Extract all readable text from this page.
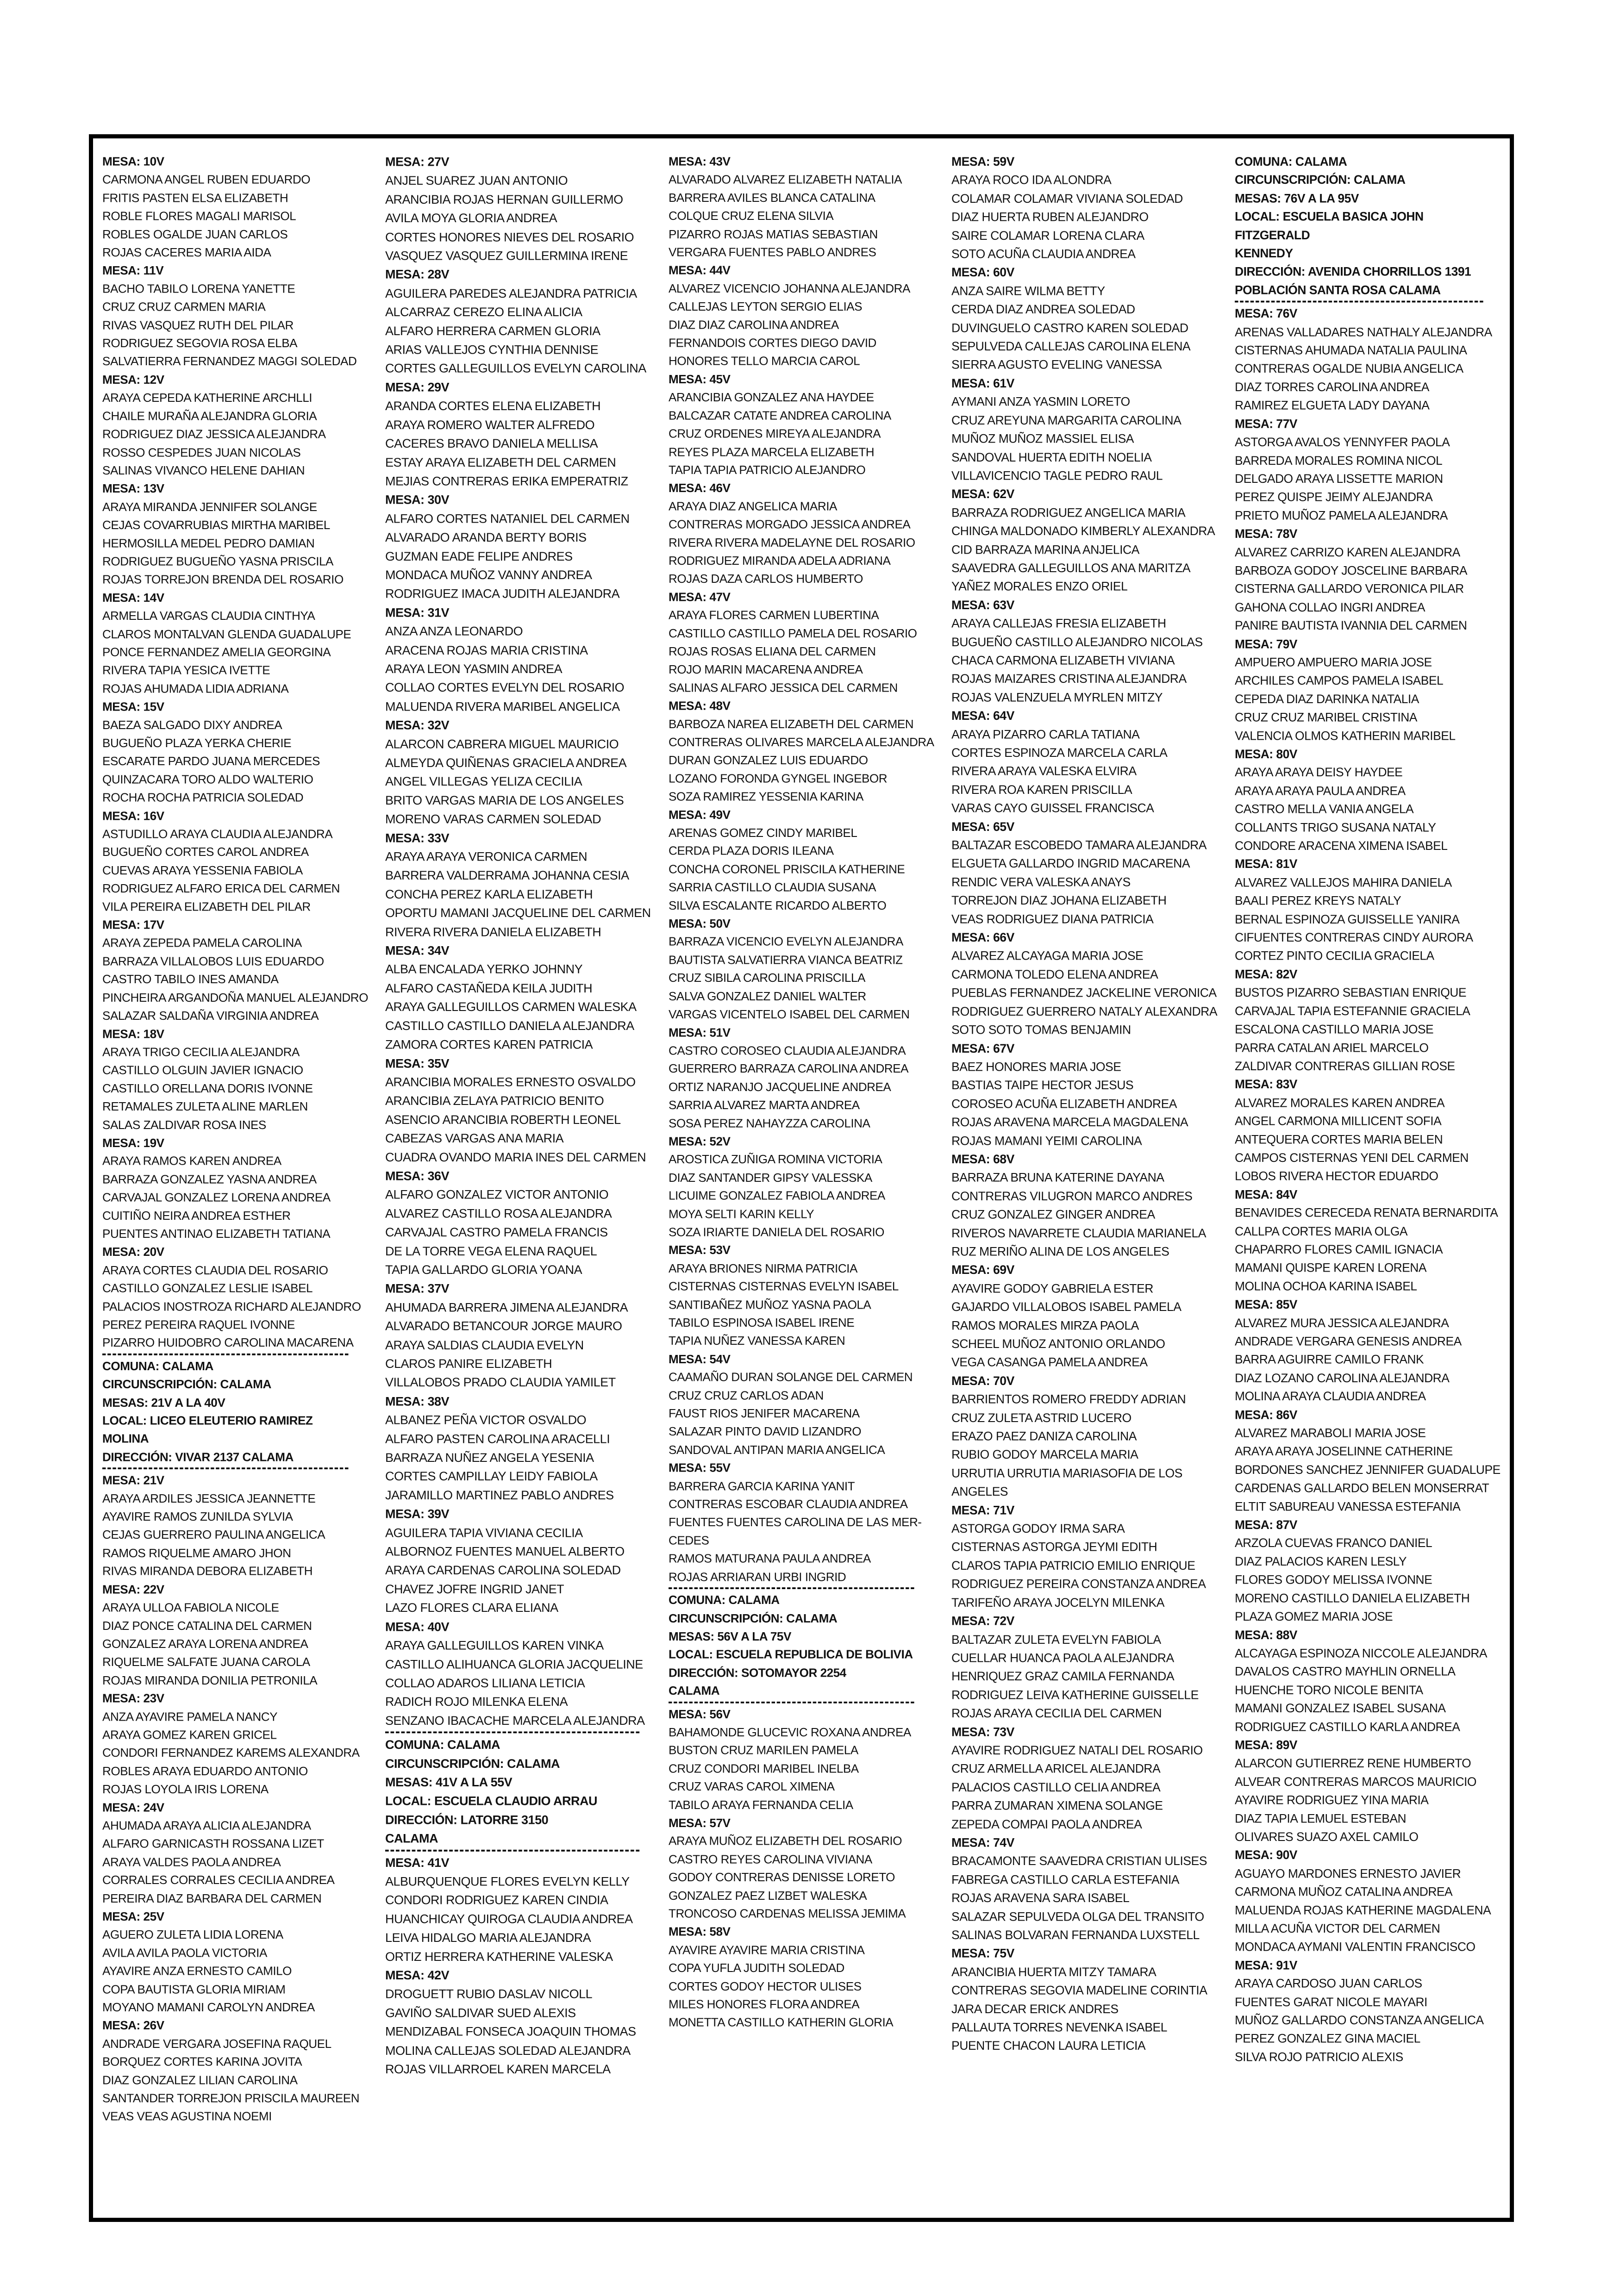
MESA: 10V
CARMONA ANGEL RUBEN EDUARDO
FRITIS PASTEN ELSA ELIZABETH
ROBLE FLORES MAGALI MARISOL
ROBLES OGALDE JUAN CARLOS
ROJAS CACERES MARIA AIDA
MESA: 11V
BACHO TABILO LORENA YANETTE
CRUZ CRUZ CARMEN MARIA
RIVAS VASQUEZ RUTH DEL PILAR
RODRIGUEZ SEGOVIA ROSA ELBA
SALVATIERRA FERNANDEZ MAGGI SOLEDAD
MESA: 12V
ARAYA CEPEDA KATHERINE ARCHLLI
CHAILE MURAÑA ALEJANDRA GLORIA
RODRIGUEZ DIAZ JESSICA ALEJANDRA
ROSSO CESPEDES JUAN NICOLAS
SALINAS VIVANCO HELENE DAHIAN
MESA: 13V
ARAYA MIRANDA JENNIFER SOLANGE
CEJAS COVARRUBIAS MIRTHA MARIBEL
HERMOSILLA MEDEL PEDRO DAMIAN
RODRIGUEZ BUGUEÑO YASNA PRISCILA
ROJAS TORREJON BRENDA DEL ROSARIO
MESA: 14V
ARMELLA VARGAS CLAUDIA CINTHYA
CLAROS MONTALVAN GLENDA GUADALUPE
PONCE FERNANDEZ AMELIA GEORGINA
RIVERA TAPIA YESICA IVETTE
ROJAS AHUMADA LIDIA ADRIANA
MESA: 15V
BAEZA SALGADO DIXY ANDREA
BUGUEÑO PLAZA YERKA CHERIE
ESCARATE PARDO JUANA MERCEDES
QUINZACARA TORO ALDO WALTERIO
ROCHA ROCHA PATRICIA SOLEDAD
MESA: 16V
ASTUDILLO ARAYA CLAUDIA ALEJANDRA
BUGUEÑO CORTES CAROL ANDREA
CUEVAS ARAYA YESSENIA FABIOLA
RODRIGUEZ ALFARO ERICA DEL CARMEN
VILA PEREIRA ELIZABETH DEL PILAR
MESA: 17V
ARAYA ZEPEDA PAMELA CAROLINA
BARRAZA VILLALOBOS LUIS EDUARDO
CASTRO TABILO INES AMANDA
PINCHEIRA ARGANDOÑA MANUEL ALEJANDRO
SALAZAR SALDAÑA VIRGINIA ANDREA
MESA: 18V
ARAYA TRIGO CECILIA ALEJANDRA
CASTILLO OLGUIN JAVIER IGNACIO
CASTILLO ORELLANA DORIS IVONNE
RETAMALES ZULETA ALINE MARLEN
SALAS ZALDIVAR ROSA INES
MESA: 19V
ARAYA RAMOS KAREN ANDREA
BARRAZA GONZALEZ YASNA ANDREA
CARVAJAL GONZALEZ LORENA ANDREA
CUITIÑO NEIRA ANDREA ESTHER
PUENTES ANTINAO ELIZABETH TATIANA
MESA: 20V
ARAYA CORTES CLAUDIA DEL ROSARIO
CASTILLO GONZALEZ LESLIE ISABEL
PALACIOS INOSTROZA RICHARD ALEJANDRO
PEREZ PEREIRA RAQUEL IVONNE
PIZARRO HUIDOBRO CAROLINA MACARENA
COMUNA: CALAMA
CIRCUNSCRIPCIÓN: CALAMA
MESAS: 21V A LA 40V
LOCAL: LICEO ELEUTERIO RAMIREZ MOLINA
DIRECCIÓN: VIVAR 2137 CALAMA
MESA: 21V
ARAYA ARDILES JESSICA JEANNETTE
AYAVIRE RAMOS ZUNILDA SYLVIA
CEJAS GUERRERO PAULINA ANGELICA
RAMOS RIQUELME AMARO JHON
RIVAS MIRANDA DEBORA ELIZABETH
MESA: 22V
ARAYA ULLOA FABIOLA NICOLE
DIAZ PONCE CATALINA DEL CARMEN
GONZALEZ ARAYA LORENA ANDREA
RIQUELME SALFATE JUANA CAROLA
ROJAS MIRANDA DONILIA PETRONILA
MESA: 23V
ANZA AYAVIRE PAMELA NANCY
ARAYA GOMEZ KAREN GRICEL
CONDORI FERNANDEZ KAREMS ALEXANDRA
ROBLES ARAYA EDUARDO ANTONIO
ROJAS LOYOLA IRIS LORENA
MESA: 24V
AHUMADA ARAYA ALICIA ALEJANDRA
ALFARO GARNICASTH ROSSANA LIZET
ARAYA VALDES PAOLA ANDREA
CORRALES CORRALES CECILIA ANDREA
PEREIRA DIAZ BARBARA DEL CARMEN
MESA: 25V
AGUERO ZULETA LIDIA LORENA
AVILA AVILA PAOLA VICTORIA
AYAVIRE ANZA ERNESTO CAMILO
COPA BAUTISTA GLORIA MIRIAM
MOYANO MAMANI CAROLYN ANDREA
MESA: 26V
ANDRADE VERGARA JOSEFINA RAQUEL
BORQUEZ CORTES KARINA JOVITA
DIAZ GONZALEZ LILIAN CAROLINA
SANTANDER TORREJON PRISCILA MAUREEN
VEAS VEAS AGUSTINA NOEMI
MESA: 27V
ANJEL SUAREZ JUAN ANTONIO
ARANCIBIA ROJAS HERNAN GUILLERMO
AVILA MOYA GLORIA ANDREA
CORTES HONORES NIEVES DEL ROSARIO
VASQUEZ VASQUEZ GUILLERMINA IRENE
MESA: 28V
AGUILERA PAREDES ALEJANDRA PATRICIA
ALCARRAZ CEREZO ELINA ALICIA
ALFARO HERRERA CARMEN GLORIA
ARIAS VALLEJOS CYNTHIA DENNISE
CORTES GALLEGUILLOS EVELYN CAROLINA
MESA: 29V
ARANDA CORTES ELENA ELIZABETH
ARAYA ROMERO WALTER ALFREDO
CACERES BRAVO DANIELA MELLISA
ESTAY ARAYA ELIZABETH DEL CARMEN
MEJIAS CONTRERAS ERIKA EMPERATRIZ
MESA: 30V
ALFARO CORTES NATANIEL DEL CARMEN
ALVARADO ARANDA BERTY BORIS
GUZMAN EADE FELIPE ANDRES
MONDACA MUÑOZ VANNY ANDREA
RODRIGUEZ IMACA JUDITH ALEJANDRA
MESA: 31V
ANZA ANZA LEONARDO
ARACENA ROJAS MARIA CRISTINA
ARAYA LEON YASMIN ANDREA
COLLAO CORTES EVELYN DEL ROSARIO
MALUENDA RIVERA MARIBEL ANGELICA
MESA: 32V
ALARCON CABRERA MIGUEL MAURICIO
ALMEYDA QUIÑENAS GRACIELA ANDREA
ANGEL VILLEGAS YELIZA CECILIA
BRITO VARGAS MARIA DE LOS ANGELES
MORENO VARAS CARMEN SOLEDAD
MESA: 33V
ARAYA ARAYA VERONICA CARMEN
BARRERA VALDERRAMA JOHANNA CESIA
CONCHA PEREZ KARLA ELIZABETH
OPORTU MAMANI JACQUELINE DEL CARMEN
RIVERA RIVERA DANIELA ELIZABETH
MESA: 34V
ALBA ENCALADA YERKO JOHNNY
ALFARO CASTAÑEDA KEILA JUDITH
ARAYA GALLEGUILLOS CARMEN WALESKA
CASTILLO CASTILLO DANIELA ALEJANDRA
ZAMORA CORTES KAREN PATRICIA
MESA: 35V
ARANCIBIA MORALES ERNESTO OSVALDO
ARANCIBIA ZELAYA PATRICIO BENITO
ASENCIO ARANCIBIA ROBERTH LEONEL
CABEZAS VARGAS ANA MARIA
CUADRA OVANDO MARIA INES DEL CARMEN
MESA: 36V
ALFARO GONZALEZ VICTOR ANTONIO
ALVAREZ CASTILLO ROSA ALEJANDRA
CARVAJAL CASTRO PAMELA FRANCIS
DE LA TORRE VEGA ELENA RAQUEL
TAPIA GALLARDO GLORIA YOANA
MESA: 37V
AHUMADA BARRERA JIMENA ALEJANDRA
ALVARADO BETANCOUR JORGE MAURO
ARAYA SALDIAS CLAUDIA EVELYN
CLAROS PANIRE ELIZABETH
VILLALOBOS PRADO CLAUDIA YAMILET
MESA: 38V
ALBANEZ PEÑA VICTOR OSVALDO
ALFARO PASTEN CAROLINA ARACELLI
BARRAZA NUÑEZ ANGELA YESENIA
CORTES CAMPILLAY LEIDY FABIOLA
JARAMILLO MARTINEZ PABLO ANDRES
MESA: 39V
AGUILERA TAPIA VIVIANA CECILIA
ALBORNOZ FUENTES MANUEL ALBERTO
ARAYA CARDENAS CAROLINA SOLEDAD
CHAVEZ JOFRE INGRID JANET
LAZO FLORES CLARA ELIANA
MESA: 40V
ARAYA GALLEGUILLOS KAREN VINKA
CASTILLO ALIHUANCA GLORIA JACQUELINE
COLLAO ADAROS LILIANA LETICIA
RADICH ROJO MILENKA ELENA
SENZANO IBACACHE MARCELA ALEJANDRA
COMUNA: CALAMA
CIRCUNSCRIPCIÓN: CALAMA
MESAS: 41V A LA 55V
LOCAL: ESCUELA CLAUDIO ARRAU
DIRECCIÓN: LATORRE 3150
CALAMA
MESA: 41V
ALBURQUENQUE FLORES EVELYN KELLY
CONDORI RODRIGUEZ KAREN CINDIA
HUANCHICAY QUIROGA CLAUDIA ANDREA
LEIVA HIDALGO MARIA ALEJANDRA
ORTIZ HERRERA KATHERINE VALESKA
MESA: 42V
DROGUETT RUBIO DASLAV NICOLL
GAVIÑO SALDIVAR SUED ALEXIS
MENDIZABAL FONSECA JOAQUIN THOMAS
MOLINA CALLEJAS SOLEDAD ALEJANDRA
ROJAS VILLARROEL KAREN MARCELA
MESA: 43V
ALVARADO ALVAREZ ELIZABETH NATALIA
BARRERA AVILES BLANCA CATALINA
COLQUE CRUZ ELENA SILVIA
PIZARRO ROJAS MATIAS SEBASTIAN
VERGARA FUENTES PABLO ANDRES
MESA: 44V
ALVAREZ VICENCIO JOHANNA ALEJANDRA
CALLEJAS LEYTON SERGIO ELIAS
DIAZ DIAZ CAROLINA ANDREA
FERNANDOIS CORTES DIEGO DAVID
HONORES TELLO MARCIA CAROL
MESA: 45V
ARANCIBIA GONZALEZ ANA HAYDEE
BALCAZAR CATATE ANDREA CAROLINA
CRUZ ORDENES MIREYA ALEJANDRA
REYES PLAZA MARCELA ELIZABETH
TAPIA TAPIA PATRICIO ALEJANDRO
MESA: 46V
ARAYA DIAZ ANGELICA MARIA
CONTRERAS MORGADO JESSICA ANDREA
RIVERA RIVERA MADELAYNE DEL ROSARIO
RODRIGUEZ MIRANDA ADELA ADRIANA
ROJAS DAZA CARLOS HUMBERTO
MESA: 47V
ARAYA FLORES CARMEN LUBERTINA
CASTILLO CASTILLO PAMELA DEL ROSARIO
ROJAS ROSAS ELIANA DEL CARMEN
ROJO MARIN MACARENA ANDREA
SALINAS ALFARO JESSICA DEL CARMEN
MESA: 48V
BARBOZA NAREA ELIZABETH DEL CARMEN
CONTRERAS OLIVARES MARCELA ALEJANDRA
DURAN GONZALEZ LUIS EDUARDO
LOZANO FORONDA GYNGEL INGEBOR
SOZA RAMIREZ YESSENIA KARINA
MESA: 49V
ARENAS GOMEZ CINDY MARIBEL
CERDA PLAZA DORIS ILEANA
CONCHA CORONEL PRISCILA KATHERINE
SARRIA CASTILLO CLAUDIA SUSANA
SILVA ESCALANTE RICARDO ALBERTO
MESA: 50V
BARRAZA VICENCIO EVELYN ALEJANDRA
BAUTISTA SALVATIERRA VIANCA BEATRIZ
CRUZ SIBILA CAROLINA PRISCILLA
SALVA GONZALEZ DANIEL WALTER
VARGAS VICENTELO ISABEL DEL CARMEN
MESA: 51V
CASTRO COROSEO CLAUDIA ALEJANDRA
GUERRERO BARRAZA CAROLINA ANDREA
ORTIZ NARANJO JACQUELINE ANDREA
SARRIA ALVAREZ MARTA ANDREA
SOSA PEREZ NAHAYZZA CAROLINA
MESA: 52V
AROSTICA ZUÑIGA ROMINA VICTORIA
DIAZ SANTANDER GIPSY VALESSKA
LICUIME GONZALEZ FABIOLA ANDREA
MOYA SELTI KARIN KELLY
SOZA IRIARTE DANIELA DEL ROSARIO
MESA: 53V
ARAYA BRIONES NIRMA PATRICIA
CISTERNAS CISTERNAS EVELYN ISABEL
SANTIBAÑEZ MUÑOZ YASNA PAOLA
TABILO ESPINOSA ISABEL IRENE
TAPIA NUÑEZ VANESSA KAREN
MESA: 54V
CAAMAÑO DURAN SOLANGE DEL CARMEN
CRUZ CRUZ CARLOS ADAN
FAUST RIOS JENIFER MACARENA
SALAZAR PINTO DAVID LIZANDRO
SANDOVAL ANTIPAN MARIA ANGELICA
MESA: 55V
BARRERA GARCIA KARINA YANIT
CONTRERAS ESCOBAR CLAUDIA ANDREA
FUENTES FUENTES CAROLINA DE LAS MER-
CEDES
RAMOS MATURANA PAULA ANDREA
ROJAS ARRIARAN URBI INGRID
COMUNA: CALAMA
CIRCUNSCRIPCIÓN: CALAMA
MESAS: 56V A LA 75V
LOCAL: ESCUELA REPUBLICA DE BOLIVIA
DIRECCIÓN: SOTOMAYOR 2254
CALAMA
MESA: 56V
BAHAMONDE GLUCEVIC ROXANA ANDREA
BUSTON CRUZ MARILEN PAMELA
CRUZ CONDORI MARIBEL INELBA
CRUZ VARAS CAROL XIMENA
TABILO ARAYA FERNANDA CELIA
MESA: 57V
ARAYA MUÑOZ ELIZABETH DEL ROSARIO
CASTRO REYES CAROLINA VIVIANA
GODOY CONTRERAS DENISSE LORETO
GONZALEZ PAEZ LIZBET WALESKA
TRONCOSO CARDENAS MELISSA JEMIMA
MESA: 58V
AYAVIRE AYAVIRE MARIA CRISTINA
COPA YUFLA JUDITH SOLEDAD
CORTES GODOY HECTOR ULISES
MILES HONORES FLORA ANDREA
MONETTA CASTILLO KATHERIN GLORIA
MESA: 59V
ARAYA ROCO IDA ALONDRA
COLAMAR COLAMAR VIVIANA SOLEDAD
DIAZ HUERTA RUBEN ALEJANDRO
SAIRE COLAMAR LORENA CLARA
SOTO ACUÑA CLAUDIA ANDREA
MESA: 60V
ANZA SAIRE WILMA BETTY
CERDA DIAZ ANDREA SOLEDAD
DUVINGUELO CASTRO KAREN SOLEDAD
SEPULVEDA CALLEJAS CAROLINA ELENA
SIERRA AGUSTO EVELING VANESSA
MESA: 61V
AYMANI ANZA YASMIN LORETO
CRUZ AREYUNA MARGARITA CAROLINA
MUÑOZ MUÑOZ MASSIEL ELISA
SANDOVAL HUERTA EDITH NOELIA
VILLAVICENCIO TAGLE PEDRO RAUL
MESA: 62V
BARRAZA RODRIGUEZ ANGELICA MARIA
CHINGA MALDONADO KIMBERLY ALEXANDRA
CID BARRAZA MARINA ANJELICA
SAAVEDRA GALLEGUILLOS ANA MARITZA
YAÑEZ MORALES ENZO ORIEL
MESA: 63V
ARAYA CALLEJAS FRESIA ELIZABETH
BUGUEÑO CASTILLO ALEJANDRO NICOLAS
CHACA CARMONA ELIZABETH VIVIANA
ROJAS MAIZARES CRISTINA ALEJANDRA
ROJAS VALENZUELA MYRLEN MITZY
MESA: 64V
ARAYA PIZARRO CARLA TATIANA
CORTES ESPINOZA MARCELA CARLA
RIVERA ARAYA VALESKA ELVIRA
RIVERA ROA KAREN PRISCILLA
VARAS CAYO GUISSEL FRANCISCA
MESA: 65V
BALTAZAR ESCOBEDO TAMARA ALEJANDRA
ELGUETA GALLARDO INGRID MACARENA
RENDIC VERA VALESKA ANAYS
TORREJON DIAZ JOHANA ELIZABETH
VEAS RODRIGUEZ DIANA PATRICIA
MESA: 66V
ALVAREZ ALCAYAGA MARIA JOSE
CARMONA TOLEDO ELENA ANDREA
PUEBLAS FERNANDEZ JACKELINE VERONICA
RODRIGUEZ GUERRERO NATALY ALEXANDRA
SOTO SOTO TOMAS BENJAMIN
MESA: 67V
BAEZ HONORES MARIA JOSE
BASTIAS TAIPE HECTOR JESUS
COROSEO ACUÑA ELIZABETH ANDREA
ROJAS ARAVENA MARCELA MAGDALENA
ROJAS MAMANI YEIMI CAROLINA
MESA: 68V
BARRAZA BRUNA KATERINE DAYANA
CONTRERAS VILUGRON MARCO ANDRES
CRUZ GONZALEZ GINGER ANDREA
RIVEROS NAVARRETE CLAUDIA MARIANELA
RUZ MERIÑO ALINA DE LOS ANGELES
MESA: 69V
AYAVIRE GODOY GABRIELA ESTER
GAJARDO VILLALOBOS ISABEL PAMELA
RAMOS MORALES MIRZA PAOLA
SCHEEL MUÑOZ ANTONIO ORLANDO
VEGA CASANGA PAMELA ANDREA
MESA: 70V
BARRIENTOS ROMERO FREDDY ADRIAN
CRUZ ZULETA ASTRID LUCERO
ERAZO PAEZ DANIZA CAROLINA
RUBIO GODOY MARCELA MARIA
URRUTIA URRUTIA MARIASOFIA DE LOS
ANGELES
MESA: 71V
ASTORGA GODOY IRMA SARA
CISTERNAS ASTORGA JEYMI EDITH
CLAROS TAPIA PATRICIO EMILIO ENRIQUE
RODRIGUEZ PEREIRA CONSTANZA ANDREA
TARIFEÑO ARAYA JOCELYN MILENKA
MESA: 72V
BALTAZAR ZULETA EVELYN FABIOLA
CUELLAR HUANCA PAOLA ALEJANDRA
HENRIQUEZ GRAZ CAMILA FERNANDA
RODRIGUEZ LEIVA KATHERINE GUISSELLE
ROJAS ARAYA CECILIA DEL CARMEN
MESA: 73V
AYAVIRE RODRIGUEZ NATALI DEL ROSARIO
CRUZ ARMELLA ARICEL ALEJANDRA
PALACIOS CASTILLO CELIA ANDREA
PARRA ZUMARAN XIMENA SOLANGE
ZEPEDA COMPAI PAOLA ANDREA
MESA: 74V
BRACAMONTE SAAVEDRA CRISTIAN ULISES
FABREGA CASTILLO CARLA ESTEFANIA
ROJAS ARAVENA SARA ISABEL
SALAZAR SEPULVEDA OLGA DEL TRANSITO
SALINAS BOLVARAN FERNANDA LUXSTELL
MESA: 75V
ARANCIBIA HUERTA MITZY TAMARA
CONTRERAS SEGOVIA MADELINE CORINTIA
JARA DECAR ERICK ANDRES
PALLAUTA TORRES NEVENKA ISABEL
PUENTE CHACON LAURA LETICIA
COMUNA: CALAMA
CIRCUNSCRIPCIÓN: CALAMA
MESAS: 76V A LA 95V
LOCAL: ESCUELA BASICA JOHN FITZGERALD
KENNEDY
DIRECCIÓN: AVENIDA CHORRILLOS 1391
POBLACIÓN SANTA ROSA CALAMA
MESA: 76V
ARENAS VALLADARES NATHALY ALEJANDRA
CISTERNAS AHUMADA NATALIA PAULINA
CONTRERAS OGALDE NUBIA ANGELICA
DIAZ TORRES CAROLINA ANDREA
RAMIREZ ELGUETA LADY DAYANA
MESA: 77V
ASTORGA AVALOS YENNYFER PAOLA
BARREDA MORALES ROMINA NICOL
DELGADO ARAYA LISSETTE MARION
PEREZ QUISPE JEIMY ALEJANDRA
PRIETO MUÑOZ PAMELA ALEJANDRA
MESA: 78V
ALVAREZ CARRIZO KAREN ALEJANDRA
BARBOZA GODOY JOSCELINE BARBARA
CISTERNA GALLARDO VERONICA PILAR
GAHONA COLLAO INGRI ANDREA
PANIRE BAUTISTA IVANNIA DEL CARMEN
MESA: 79V
AMPUERO AMPUERO MARIA JOSE
ARCHILES CAMPOS PAMELA ISABEL
CEPEDA DIAZ DARINKA NATALIA
CRUZ CRUZ MARIBEL CRISTINA
VALENCIA OLMOS KATHERIN MARIBEL
MESA: 80V
ARAYA ARAYA DEISY HAYDEE
ARAYA ARAYA PAULA ANDREA
CASTRO MELLA VANIA ANGELA
COLLANTS TRIGO SUSANA NATALY
CONDORE ARACENA XIMENA ISABEL
MESA: 81V
ALVAREZ VALLEJOS MAHIRA DANIELA
BAALI PEREZ KREYS NATALY
BERNAL ESPINOZA GUISSELLE YANIRA
CIFUENTES CONTRERAS CINDY AURORA
CORTEZ PINTO CECILIA GRACIELA
MESA: 82V
BUSTOS PIZARRO SEBASTIAN ENRIQUE
CARVAJAL TAPIA ESTEFANNIE GRACIELA
ESCALONA CASTILLO MARIA JOSE
PARRA CATALAN ARIEL MARCELO
ZALDIVAR CONTRERAS GILLIAN ROSE
MESA: 83V
ALVAREZ MORALES KAREN ANDREA
ANGEL CARMONA MILLICENT SOFIA
ANTEQUERA CORTES MARIA BELEN
CAMPOS CISTERNAS YENI DEL CARMEN
LOBOS RIVERA HECTOR EDUARDO
MESA: 84V
BENAVIDES CERECEDA RENATA BERNARDITA
CALLPA CORTES MARIA OLGA
CHAPARRO FLORES CAMIL IGNACIA
MAMANI QUISPE KAREN LORENA
MOLINA OCHOA KARINA ISABEL
MESA: 85V
ALVAREZ MURA JESSICA ALEJANDRA
ANDRADE VERGARA GENESIS ANDREA
BARRA AGUIRRE CAMILO FRANK
DIAZ LOZANO CAROLINA ALEJANDRA
MOLINA ARAYA CLAUDIA ANDREA
MESA: 86V
ALVAREZ MARABOLI MARIA JOSE
ARAYA ARAYA JOSELINNE CATHERINE
BORDONES SANCHEZ JENNIFER GUADALUPE
CARDENAS GALLARDO BELEN MONSERRAT
ELTIT SABUREAU VANESSA ESTEFANIA
MESA: 87V
ARZOLA CUEVAS FRANCO DANIEL
DIAZ PALACIOS KAREN LESLY
FLORES GODOY MELISSA IVONNE
MORENO CASTILLO DANIELA ELIZABETH
PLAZA GOMEZ MARIA JOSE
MESA: 88V
ALCAYAGA ESPINOZA NICCOLE ALEJANDRA
DAVALOS CASTRO MAYHLIN ORNELLA
HUENCHE TORO NICOLE BENITA
MAMANI GONZALEZ ISABEL SUSANA
RODRIGUEZ CASTILLO KARLA ANDREA
MESA: 89V
ALARCON GUTIERREZ RENE HUMBERTO
ALVEAR CONTRERAS MARCOS MAURICIO
AYAVIRE RODRIGUEZ YINA MARIA
DIAZ TAPIA LEMUEL ESTEBAN
OLIVARES SUAZO AXEL CAMILO
MESA: 90V
AGUAYO MARDONES ERNESTO JAVIER
CARMONA MUÑOZ CATALINA ANDREA
MALUENDA ROJAS KATHERINE MAGDALENA
MILLA ACUÑA VICTOR DEL CARMEN
MONDACA AYMANI VALENTIN FRANCISCO
MESA: 91V
ARAYA CARDOSO JUAN CARLOS
FUENTES GARAT NICOLE MAYARI
MUÑOZ GALLARDO CONSTANZA ANGELICA
PEREZ GONZALEZ GINA MACIEL
SILVA ROJO PATRICIO ALEXIS
